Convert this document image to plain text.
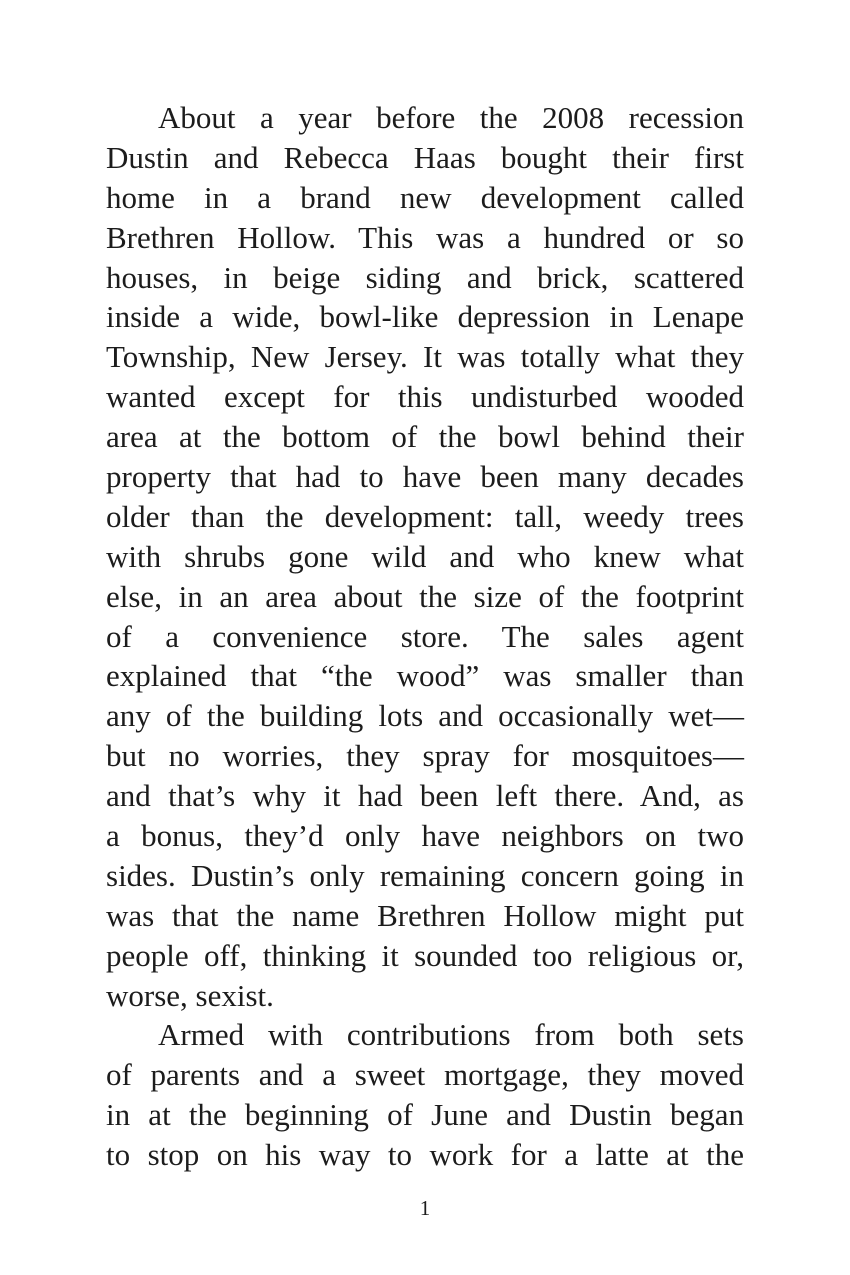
About a year before the 2008 recession
Dustin and Rebecca Haas bought their first
home in a brand new development called
Brethren Hollow. This was a hundred or so
houses, in beige siding and brick, scattered
inside a wide, bowl-like depression in Lenape
Township, New Jersey. It was totally what they
wanted except for this undisturbed wooded
area at the bottom of the bowl behind their
property that had to have been many decades
older than the development: tall, weedy trees
with shrubs gone wild and who knew what
else, in an area about the size of the footprint
of a convenience store. The sales agent
explained that “the wood” was smaller than
any of the building lots and occasionally wet—
but no worries, they spray for mosquitoes—
and that’s why it had been left there. And, as
a bonus, they’d only have neighbors on two
sides. Dustin’s only remaining concern going in
was that the name Brethren Hollow might put
people off, thinking it sounded too religious or,
worse, sexist.

Armed with contributions from both sets
of parents and a sweet mortgage, they moved
in at the beginning of June and Dustin began
to stop on his way to work for a latte at the

1
